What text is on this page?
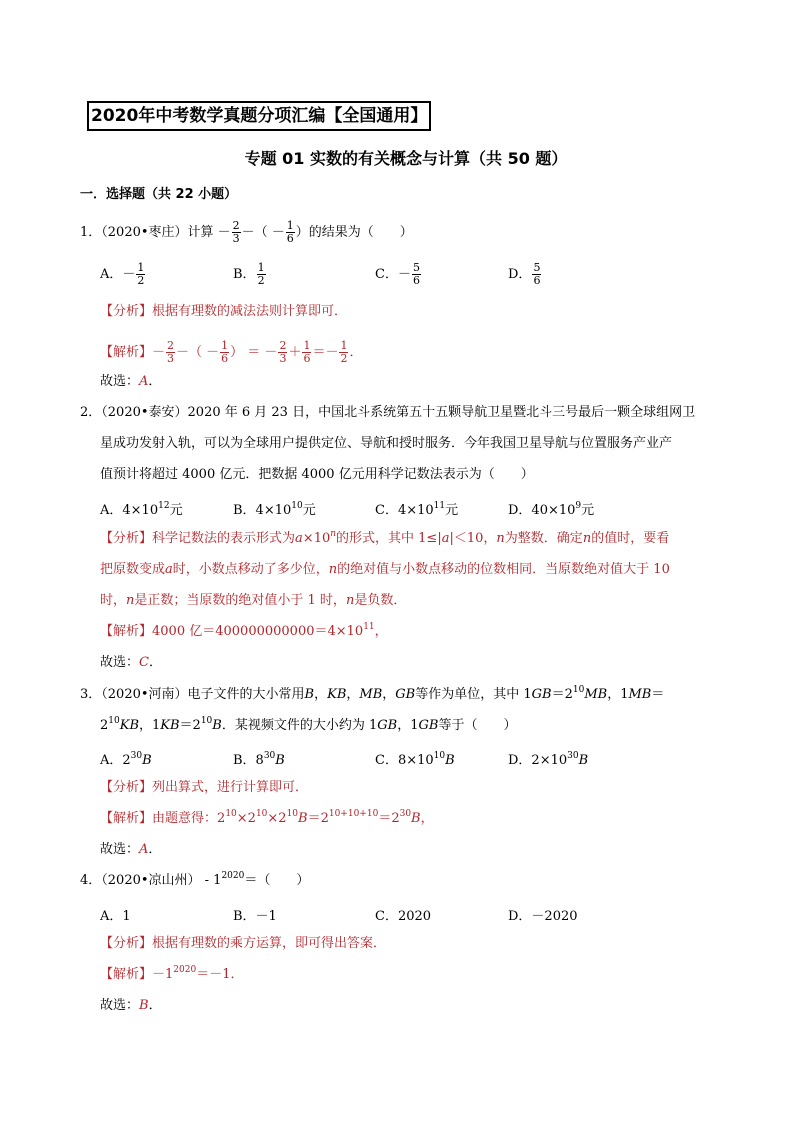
2020年中考数学真题分项汇编【全国通用】
专题 01 实数的有关概念与计算（共 50 题）
一．选择题（共 22 小题）
1．（2020•枣庄）计算 － $\frac{2}{3}$ －（ － $\frac{1}{6}$ ）的结果为（　　）
A．－ $\frac{1}{2}$	B． $\frac{1}{2}$	C．－ $\frac{5}{6}$	D． $\frac{5}{6}$
【分析】根据有理数的减法法则计算即可．
【解析】－ $\frac{2}{3}$ －（ － $\frac{1}{6}$ ） ＝ － $\frac{2}{3} + \frac{1}{6} =- \frac{1}{2}$ ．
故选：A．
2．（2020•泰安）2020 年 6 月 23 日，中国北斗系统第五十五颗导航卫星暨北斗三号最后一颗全球组网卫
星成功发射入轨，可以为全球用户提供定位、导航和授时服务．今年我国卫星导航与位置服务产业产
值预计将超过 4000 亿元．把数据 4000 亿元用科学记数法表示为（　　）
A．$4\times 10^{12}$元	B．$4\times 10^{10}$元	C．$4\times 10^{11}$元	D．$40\times 10^9$元
【分析】科学记数法的表示形式为$a\times 10^n$的形式，其中 1≤|a|＜10，n为整数．确定n的值时，要看
把原数变成a时，小数点移动了多少位，n的绝对值与小数点移动的位数相同．当原数绝对值大于 10
时，n是正数；当原数的绝对值小于 1 时，n是负数．
【解析】4000 亿$=400000000000=4\times 10^{11}$，
故选：C．
3．（2020•河南）电子文件的大小常用B，KB，MB，GB等作为单位，其中 $1GB=2^{10}MB$，1MB＝
$2^{10}KB$，$1KB=2^{10}B$．某视频文件的大小约为 1GB，1GB等于（　　）
A．$2^{30}B$	B．$8^{30}B$	C．$8\times 10^{10}B$	D．$2\times 10^{30}B$
【分析】列出算式，进行计算即可．
【解析】由题意得：$2^{10}\times 2^{10}\times 2^{10}B=2^{10+10+10}=2^{30}B$，
故选：A．
4．（2020•凉山州） - $1^{2020}=$（　　）
A．1	B．－1	C．2020	D．－2020
【分析】根据有理数的乘方运算，即可得出答案．
【解析】$-1^{2020}=-1$．
故选：B．
